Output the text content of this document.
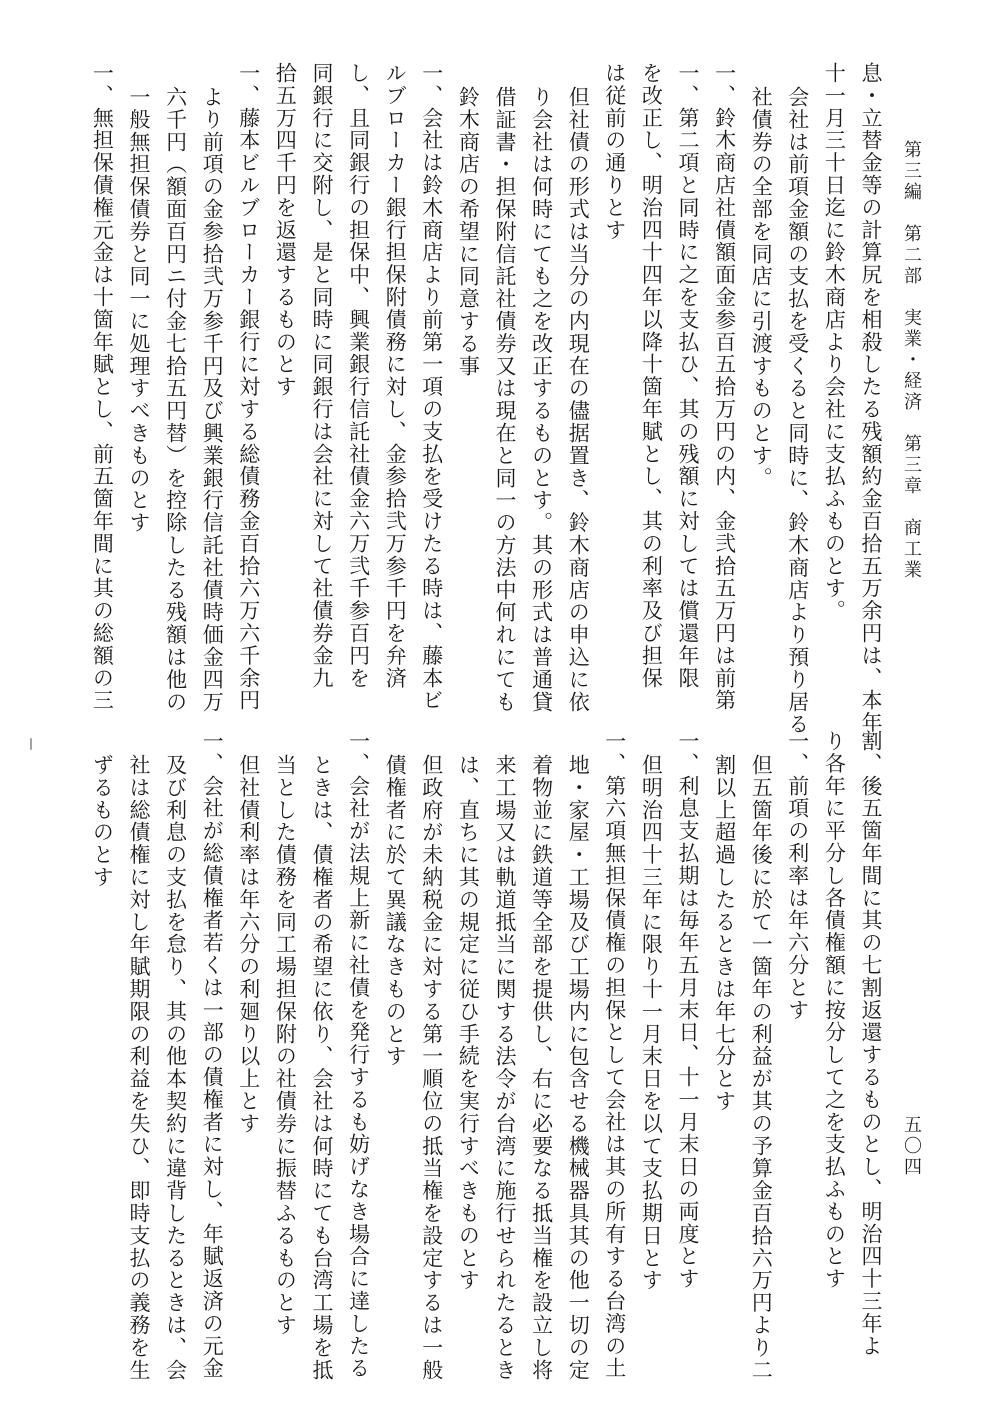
第三編　第二部　実業・経済　第三章　商工業
五〇四
息・立替金等の計算尻を相殺したる残額約金百拾五万余円は、本年
十一月三十日迄に鈴木商店より会社に支払ふものとす。
会社は前項金額の支払を受くると同時に、鈴木商店より預り居る
社債券の全部を同店に引渡すものとす。
一、鈴木商店社債額面金参百五拾万円の内、金弐拾五万円は前第
一、第二項と同時に之を支払ひ、其の残額に対しては償還年限
を改正し、明治四十四年以降十箇年賦とし、其の利率及び担保
は従前の通りとす
但社債の形式は当分の内現在の儘据置き、鈴木商店の申込に依
り会社は何時にても之を改正するものとす。其の形式は普通貸
借証書・担保附信託社債券又は現在と同一の方法中何れにても
鈴木商店の希望に同意する事
一、会社は鈴木商店より前第一項の支払を受けたる時は、藤本ビ
ルブローカー銀行担保附債務に対し、金参拾弐万参千円を弁済
し、且同銀行の担保中、興業銀行信託社債金六万弐千参百円を
同銀行に交附し、是と同時に同銀行は会社に対して社債券金九
拾五万四千円を返還するものとす
一、藤本ビルブローカー銀行に対する総債務金百拾六万六千余円
より前項の金参拾弐万参千円及び興業銀行信託社債時価金四万
六千円（額面百円ニ付金七拾五円替）を控除したる残額は他の
一般無担保債券と同一に処理すべきものとす
一、無担保債権元金は十箇年賦とし、前五箇年間に其の総額の三
割、後五箇年間に其の七割返還するものとし、明治四十三年よ
り各年に平分し各債権額に按分して之を支払ふものとす
一、前項の利率は年六分とす
但五箇年後に於て一箇年の利益が其の予算金百拾六万円より二
割以上超過したるときは年七分とす
一、利息支払期は毎年五月末日、十一月末日の両度とす
但明治四十三年に限り十一月末日を以て支払期日とす
一、第六項無担保債権の担保として会社は其の所有する台湾の土
地・家屋・工場及び工場内に包含せる機械器具其の他一切の定
着物並に鉄道等全部を提供し、右に必要なる抵当権を設立し将
来工場又は軌道抵当に関する法令が台湾に施行せられたるとき
は、直ちに其の規定に従ひ手続を実行すべきものとす
但政府が未納税金に対する第一順位の抵当権を設定するは一般
債権者に於て異議なきものとす
一、会社が法規上新に社債を発行するも妨げなき場合に達したる
ときは、債権者の希望に依り、会社は何時にても台湾工場を抵
当とした債務を同工場担保附の社債券に振替ふるものとす
但社債利率は年六分の利廻り以上とす
一、会社が総債権者若くは一部の債権者に対し、年賦返済の元金
及び利息の支払を怠り、其の他本契約に違背したるときは、会
社は総債権に対し年賦期限の利益を失ひ、即時支払の義務を生
ずるものとす
